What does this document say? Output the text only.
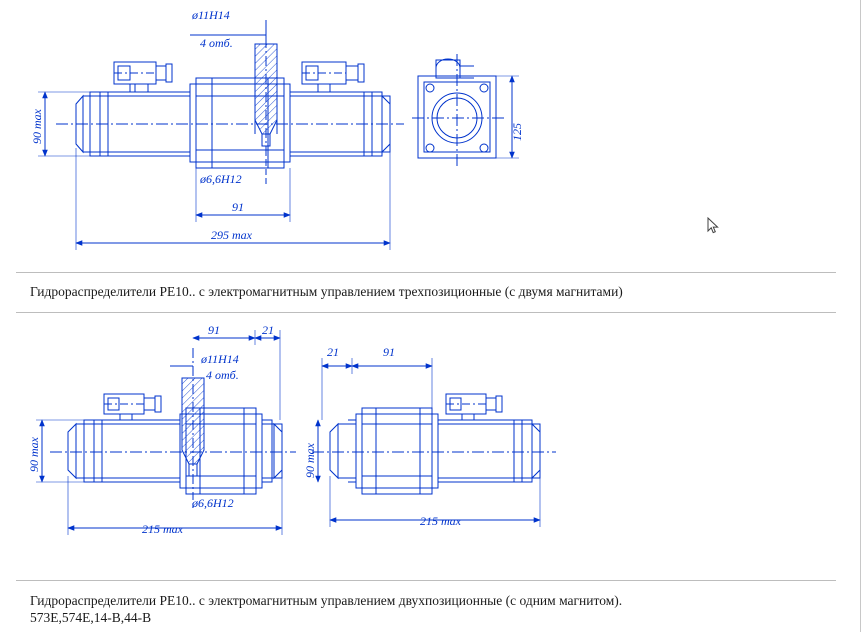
ø11H14
4 отб.
ø6,6H12
91
295 max
90 max	125
91	21
ø11H14
4 отб.
ø6,6H12
215 max
90 max
21	91
215 max
90 max
Гидрораспределители РЕ10.. с электромагнитным управлением трехпозиционные (с двумя магнитами)
Гидрораспределители РЕ10.. с электромагнитным управлением двухпозиционные (с одним магнитом).
573Е,574Е,14-В,44-В
